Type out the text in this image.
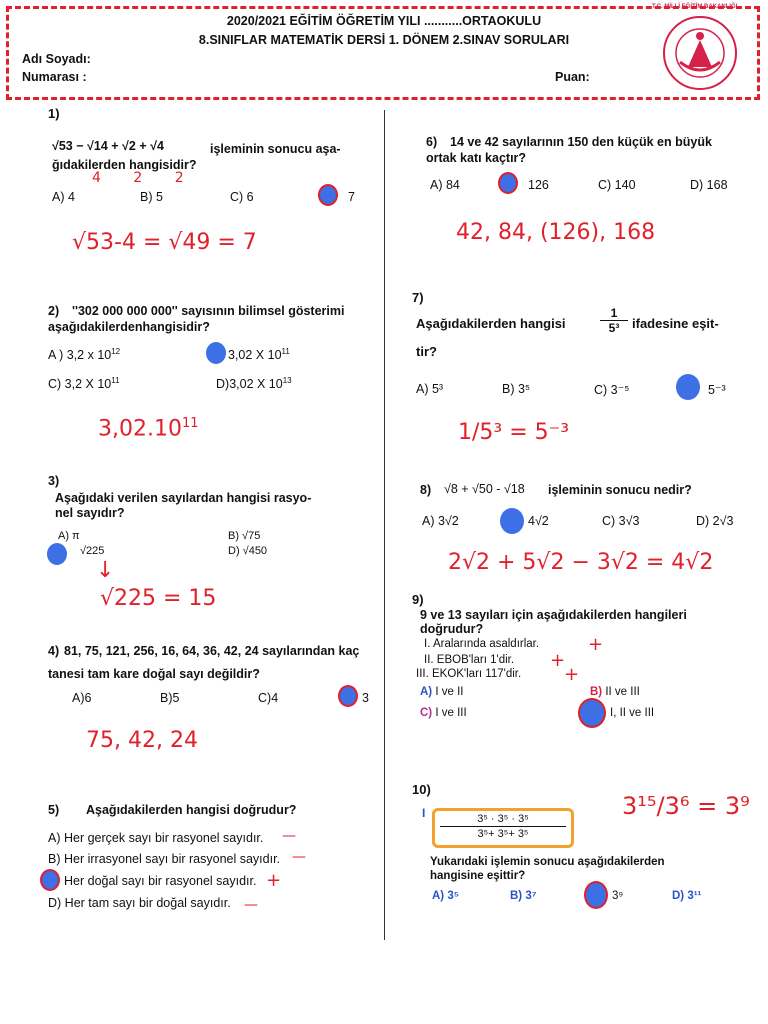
2020/2021 EĞİTİM ÖĞRETİM YILI ...........ORTAOKULU
8.SINIFLAR MATEMATİK DERSİ 1. DÖNEM 2.SINAV SORULARI
Adı Soyadı:
Numarası :	Puan:
T.C. MİLLİ EĞİTİM BAKANLIĞI
1)
√53 − √14 + √2 + √4	işleminin sonucu aşa-
ğıdakilerden hangisidir?
4 2 2
A) 4	B) 5	C) 6	7
√53-4 = √49 = 7
2) ''302 000 000 000'' sayısının bilimsel gösterimi
aşağıdakilerdenhangisidir?
A ) 3,2 x $10^{12}$	3,02 X $10^{11}$
C) 3,2 X $10^{11}$	D)3,02 X $10^{13}$
3,02.10$^{11}$
3)
Aşağıdaki verilen sayılardan hangisi rasyo-
nel sayıdır?
A) π
√225
B) √75
D) √450
↓
√225 = 15
4) 81, 75, 121, 256, 16, 64, 36, 42, 24 sayılarından kaç
tanesi tam kare doğal sayı değildir?
A)6	B)5	C)4	3
75, 42, 24
5) Aşağıdakilerden hangisi doğrudur?
A) Her gerçek sayı bir rasyonel sayıdır. —
B) Her irrasyonel sayı bir rasyonel sayıdır. —
Her doğal sayı bir rasyonel sayıdır. +
D) Her tam sayı bir doğal sayıdır. —
6) 14 ve 42 sayılarının 150 den küçük en büyük
ortak katı kaçtır?
A) 84	126	C) 140	D) 168
42, 84, (126), 168
7)
Aşağıdakilerden hangisi	$\frac{1}{\text{5³}}$ ifadesine eşit-
tir?
A) 5³	B) 3⁵	C) 3⁻⁵	5⁻³
1/5³ = 5⁻³
8) √8 + √50 - √18 işleminin sonucu nedir?
A) 3√2	4√2	C) 3√3	D) 2√3
2√2 + 5√2 − 3√2 = 4√2
9)
9 ve 13 sayıları için aşağıdakilerden hangileri
doğrudur?
I. Aralarında asaldırlar.	+
II. EBOB'ları 1'dir. +
III. EKOK'ları 117'dir. +
A) I ve II	B) II ve III
C) I ve III	I, II ve III
10)
I $\frac{\text{3⁵ · 3⁵ · 3⁵}}{\text{3⁵+ 3⁵+ 3⁵}}$
3¹⁵/3⁶ = 3⁹
Yukarıdaki işlemin sonucu aşağıdakilerden
hangisine eşittir?
A) 3⁵	B) 3⁷	3⁹	D) 3¹¹
